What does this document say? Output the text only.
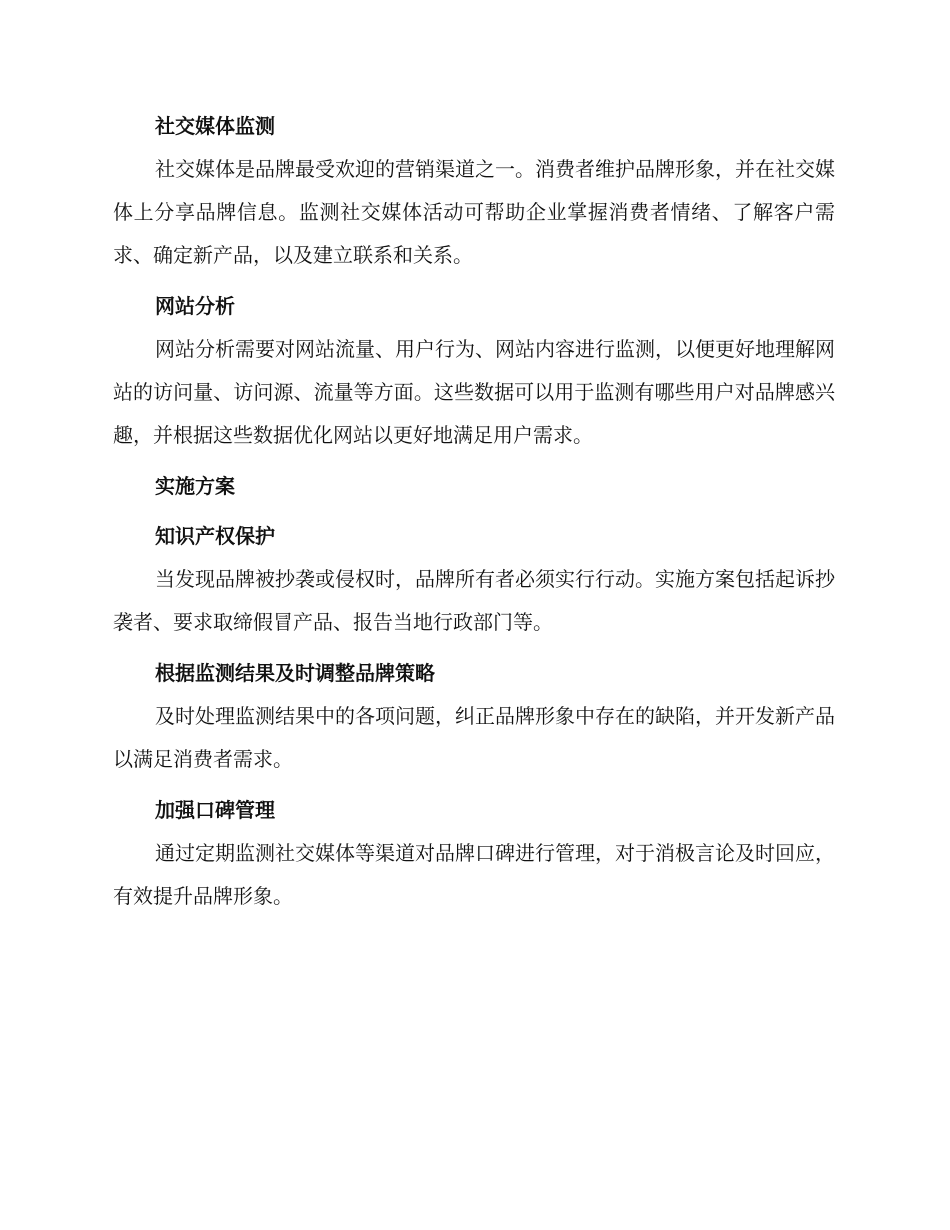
社交媒体监测

社交媒体是品牌最受欢迎的营销渠道之一。消费者维护品牌形象，并在社交媒体上分享品牌信息。监测社交媒体活动可帮助企业掌握消费者情绪、了解客户需求、确定新产品，以及建立联系和关系。

网站分析

网站分析需要对网站流量、用户行为、网站内容进行监测，以便更好地理解网站的访问量、访问源、流量等方面。这些数据可以用于监测有哪些用户对品牌感兴趣，并根据这些数据优化网站以更好地满足用户需求。

实施方案
知识产权保护

当发现品牌被抄袭或侵权时，品牌所有者必须实行行动。实施方案包括起诉抄袭者、要求取缔假冒产品、报告当地行政部门等。

根据监测结果及时调整品牌策略

及时处理监测结果中的各项问题，纠正品牌形象中存在的缺陷，并开发新产品以满足消费者需求。

加强口碑管理

通过定期监测社交媒体等渠道对品牌口碑进行管理，对于消极言论及时回应，有效提升品牌形象。
